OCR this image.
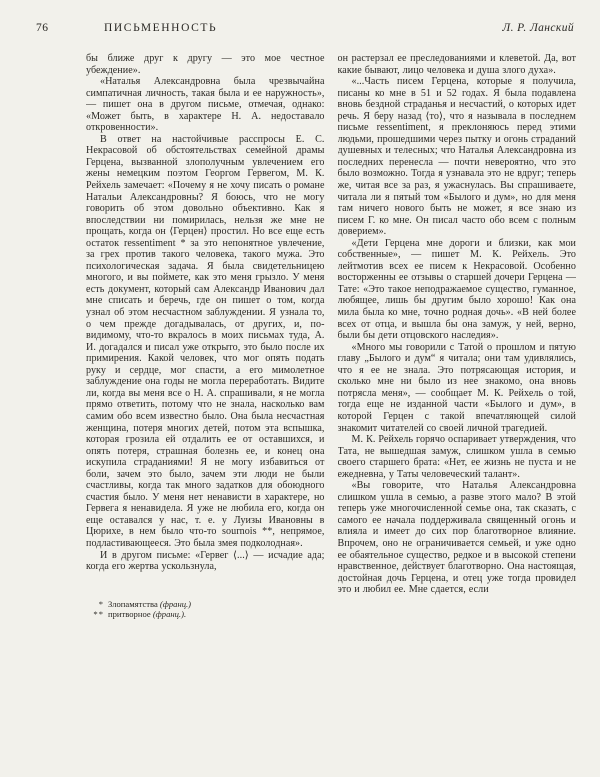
76	ПИСЬМЕННОСТЬ	Л. Р. Ланский

бы ближе друг к другу — это мое честное убеждение».

«Наталья Александровна была чрезвычайна симпатичная личность, такая была и ее наружность», — пишет она в другом письме, отмечая, однако: «Может быть, в характере Н. А. недоставало откровенности».

В ответ на настойчивые расспросы Е. С. Некрасовой об обстоятельствах семейной драмы Герцена, вызванной злополучным увлечением его жены немецким поэтом Георгом Гервегом, М. К. Рейхель замечает: «Почему я не хочу писать о романе Натальи Александровны? Я боюсь, что не могу говорить об этом довольно объективно. Как я впоследствии ни помирилась, нельзя же мне не прощать, когда он ⟨Герцен⟩ простил. Но все еще есть остаток ressentiment * за это непонятное увлечение, за грех против такого человека, такого мужа. Это психологическая задача. Я была свидетельницею многого, и вы поймете, как это меня грызло. У меня есть документ, который сам Александр Иванович дал мне списать и беречь, где он пишет о том, когда узнал об этом несчастном заблуждении. Я узнала то, о чем прежде догадывалась, от других, и, по-видимому, что-то вкралось в моих письмах туда, А. И. догадался и писал уже открыто, это было после их примирения. Какой человек, что мог опять подать руку и сердце, мог спасти, а его мимолетное заблуждение она годы не могла переработать. Видите ли, когда вы меня все о Н. А. спрашивали, я не могла прямо ответить, потому что не знала, насколько вам самим обо всем известно было. Она была несчастная женщина, потеря многих детей, потом эта вспышка, которая грозила ей отдалить ее от оставшихся, и опять потеря, страшная болезнь ее, и конец она искупила страданиями! Я не могу избавиться от боли, зачем это было, зачем эти люди не были счастливы, когда так много задатков для обоюдного счастия было. У меня нет ненависти в характере, но Гервега я ненавидела. Я уже не любила его, когда он еще оставался у нас, т. е. у Луизы Ивановны в Цюрихе, в нем было что-то sournois **, непрямое, подластивающееся. Это была змея подколодная».

И в другом письме: «Гервег ⟨...⟩ — исчадие ада; когда его жертва ускользнула,

* Злопамятства (франц.)
** притворное (франц.).

он растерзал ее преследованиями и клеветой. Да, вот какие бывают, лицо человека и душа злого духа».

«...Часть писем Герцена, которые я получила, писаны ко мне в 51 и 52 годах. Я была подавлена вновь бездной страданья и несчастий, о которых идет речь. Я беру назад ⟨то⟩, что я называла в последнем письме ressentiment, я преклоняюсь перед этими людьми, прошедшими через пытку и огонь страданий душевных и телесных; что Наталья Александровна из последних перенесла — почти невероятно, что это было возможно. Тогда я узнавала это не вдруг; теперь же, читая все за раз, я ужаснулась. Вы спрашиваете, читала ли я пятый том «Былого и дум», но для меня там ничего нового быть не может, я все знаю из писем Г. ко мне. Он писал часто обо всем с полным доверием».

«Дети Герцена мне дороги и близки, как мои собственные», — пишет М. К. Рейхель. Это лейтмотив всех ее писем к Некрасовой. Особенно восторженны ее отзывы о старшей дочери Герцена — Тате: «Это такое неподражаемое существо, гуманное, любящее, лишь бы другим было хорошо! Как она мила была ко мне, точно родная дочь». «В ней более всех от отца, и вышла бы она замуж, у ней, верно, были бы дети отцовского наследия».

«Много мы говорили с Татой о прошлом и пятую главу „Былого и дум“ я читала; они там удивлялись, что я ее не знала. Это потрясающая история, и сколько мне ни было из нее знакомо, она вновь потрясла меня», — сообщает М. К. Рейхель о той, тогда еще не изданной части «Былого и дум», в которой Герцен с такой впечатляющей силой знакомит читателей со своей личной трагедией.

М. К. Рейхель горячо оспаривает утверждения, что Тата, не вышедшая замуж, слишком ушла в семью своего старшего брата: «Нет, ее жизнь не пуста и не ежедневна, у Таты человеческий талант».

«Вы говорите, что Наталья Александровна слишком ушла в семью, а разве этого мало? В этой теперь уже многочисленной семье она, так сказать, с самого ее начала поддерживала священный огонь и влияла и имеет до сих пор благотворное влияние. Впрочем, оно не ограничивается семьей, и уже одно ее обаятельное существо, редкое и в высокой степени нравственное, действует благотворно. Она настоящая, достойная дочь Герцена, и отец уже тогда провидел это и любил ее. Мне сдается, если
